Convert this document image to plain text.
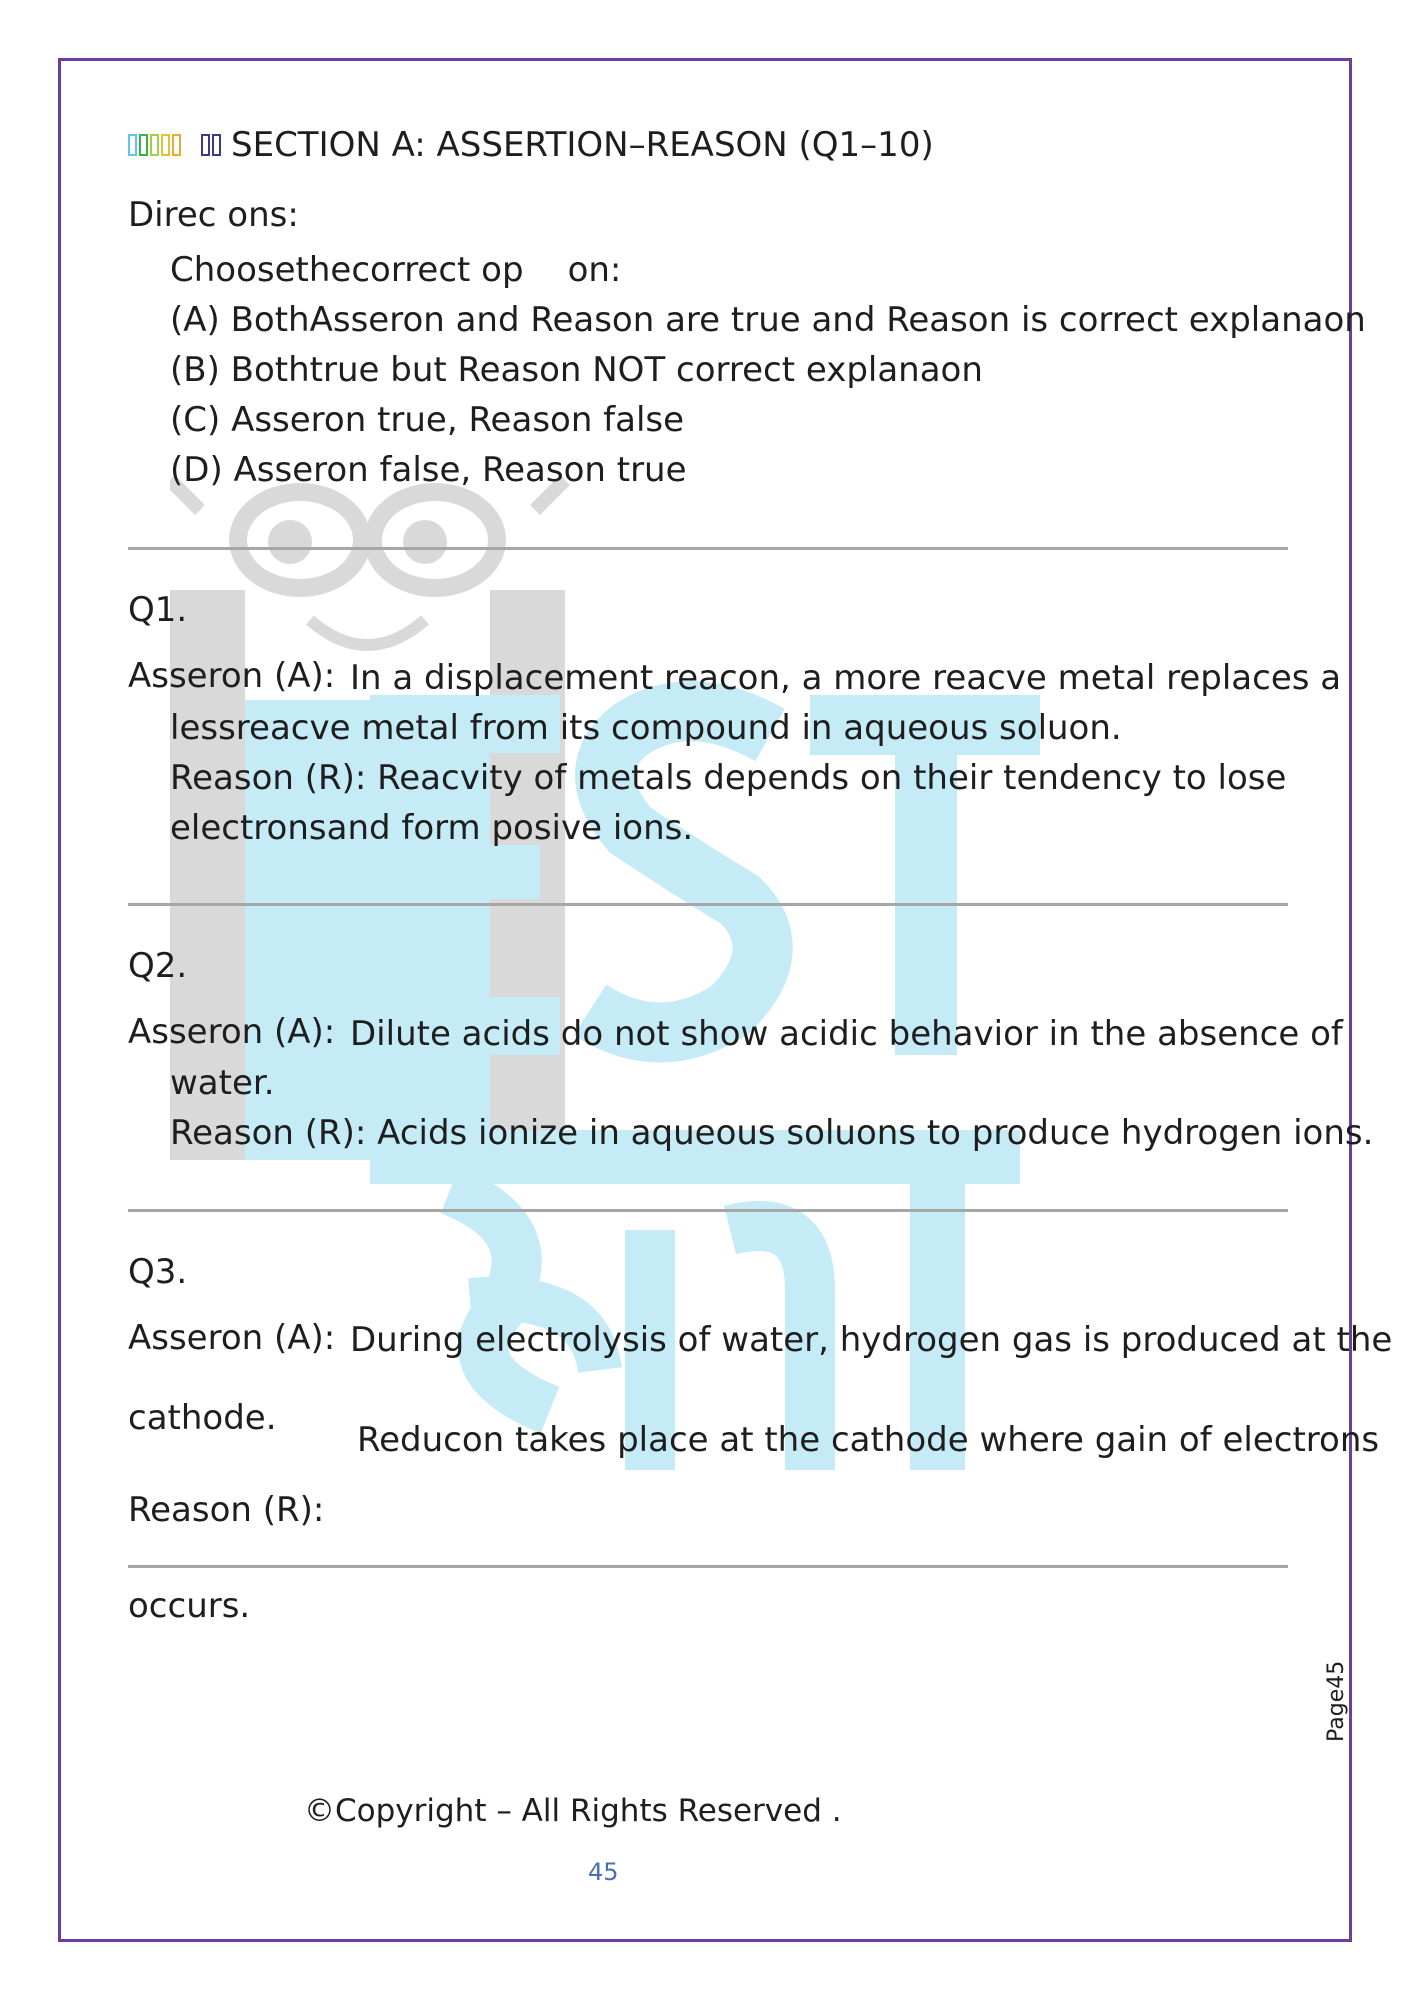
SECTION A: ASSERTION–REASON (Q1–10)
Direc ons:
Choosethecorrect op on:
(A) BothAsseron and Reason are true and Reason is correct explanaon
(B) Bothtrue but Reason NOT correct explanaon
(C) Asseron true, Reason false
(D) Asseron false, Reason true
Q1.
Asseron (A): In a displacement reacon, a more reacve metal replaces a
lessreacve metal from its compound in aqueous soluon.
Reason (R): Reacvity of metals depends on their tendency to lose
electronsand form posive ions.
Q2.
Asseron (A): Dilute acids do not show acidic behavior in the absence of
water.
Reason (R): Acids ionize in aqueous soluons to produce hydrogen ions.
Q3.
Asseron (A): During electrolysis of water, hydrogen gas is produced at the
cathode.
Reducon takes place at the cathode where gain of electrons
Reason (R):
occurs.
Page45
©Copyright – All Rights Reserved .
45
